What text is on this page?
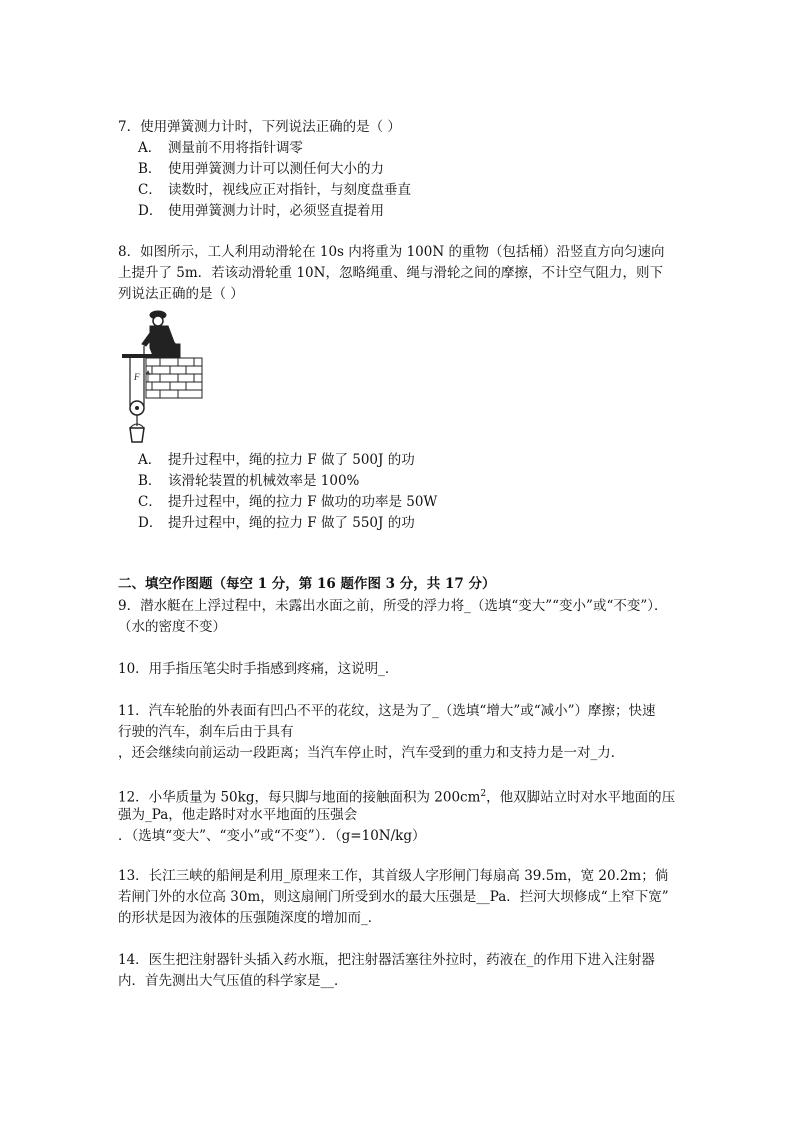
7．使用弹簧测力计时，下列说法正确的是（ ）
A． 测量前不用将指针调零
B． 使用弹簧测力计可以测任何大小的力
C． 读数时，视线应正对指针，与刻度盘垂直
D． 使用弹簧测力计时，必须竖直提着用
8．如图所示，工人利用动滑轮在 10s 内将重为 100N 的重物（包括桶）沿竖直方向匀速向
上提升了 5m．若该动滑轮重 10N，忽略绳重、绳与滑轮之间的摩擦，不计空气阻力，则下
列说法正确的是（ ）
F
A． 提升过程中，绳的拉力 F 做了 500J 的功
B． 该滑轮装置的机械效率是 100%
C． 提升过程中，绳的拉力 F 做功的功率是 50W
D． 提升过程中，绳的拉力 F 做了 550J 的功
二、填空作图题（每空 1 分，第 16 题作图 3 分，共 17 分）
9．潜水艇在上浮过程中，未露出水面之前，所受的浮力将_（选填“变大”“变小”或“不变”）．
（水的密度不变）
10．用手指压笔尖时手指感到疼痛，这说明_．
11．汽车轮胎的外表面有凹凸不平的花纹，这是为了_（选填“增大”或“减小”）摩擦；快速
行驶的汽车，刹车后由于具有
，还会继续向前运动一段距离；当汽车停止时，汽车受到的重力和支持力是一对_力．
12．小华质量为 50kg，每只脚与地面的接触面积为 $200cm^2$，他双脚站立时对水平地面的压
强为_Pa，他走路时对水平地面的压强会
．（选填“变大”、“变小”或“不变”）．（g=10N/kg）
13．长江三峡的船闸是利用_原理来工作，其首级人字形闸门每扇高 39.5m，宽 20.2m；倘
若闸门外的水位高 30m，则这扇闸门所受到水的最大压强是__Pa．拦河大坝修成“上窄下宽”
的形状是因为液体的压强随深度的增加而_．
14．医生把注射器针头插入药水瓶，把注射器活塞往外拉时，药液在_的作用下进入注射器
内．首先测出大气压值的科学家是__．
